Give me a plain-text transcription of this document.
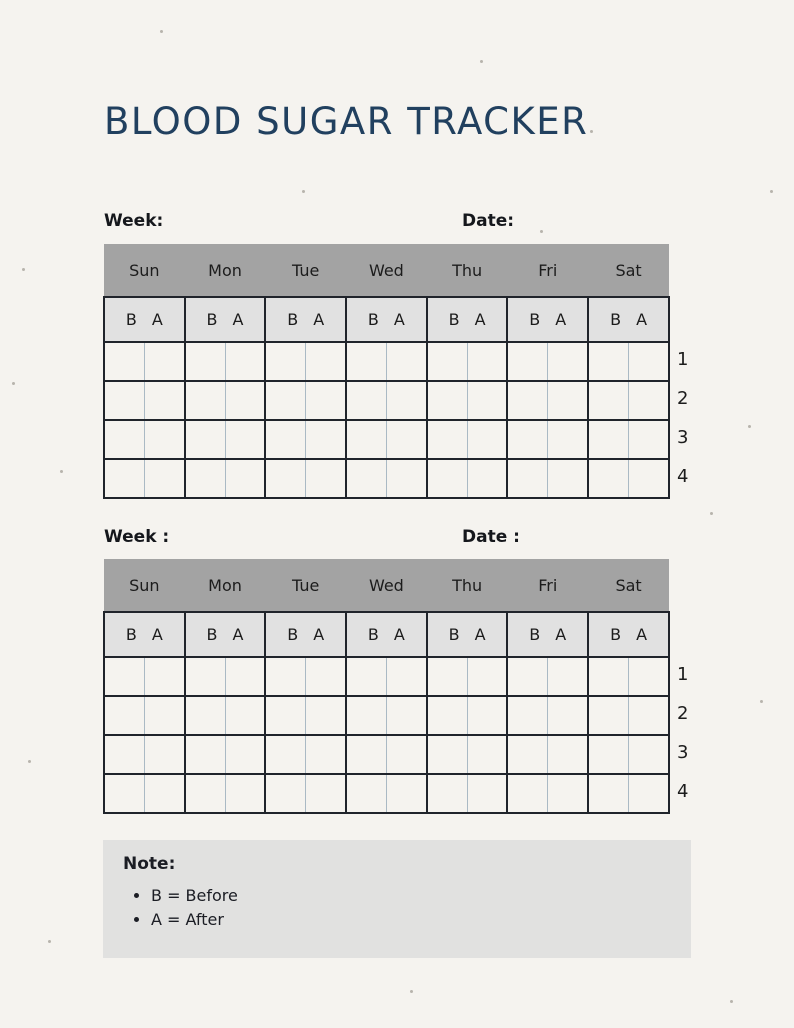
BLOOD SUGAR TRACKER
Week:	Date:
Sun		Mon		Tue		Wed		Thu		Fri		Sat	
B A		B A		B A		B A		B A		B A		B A	

1
2
3
4
Week :	Date :
Sun		Mon		Tue		Wed		Thu		Fri		Sat	
B A		B A		B A		B A		B A		B A		B A	

1
2
3
4
Note:
• B = Before
• A = After
